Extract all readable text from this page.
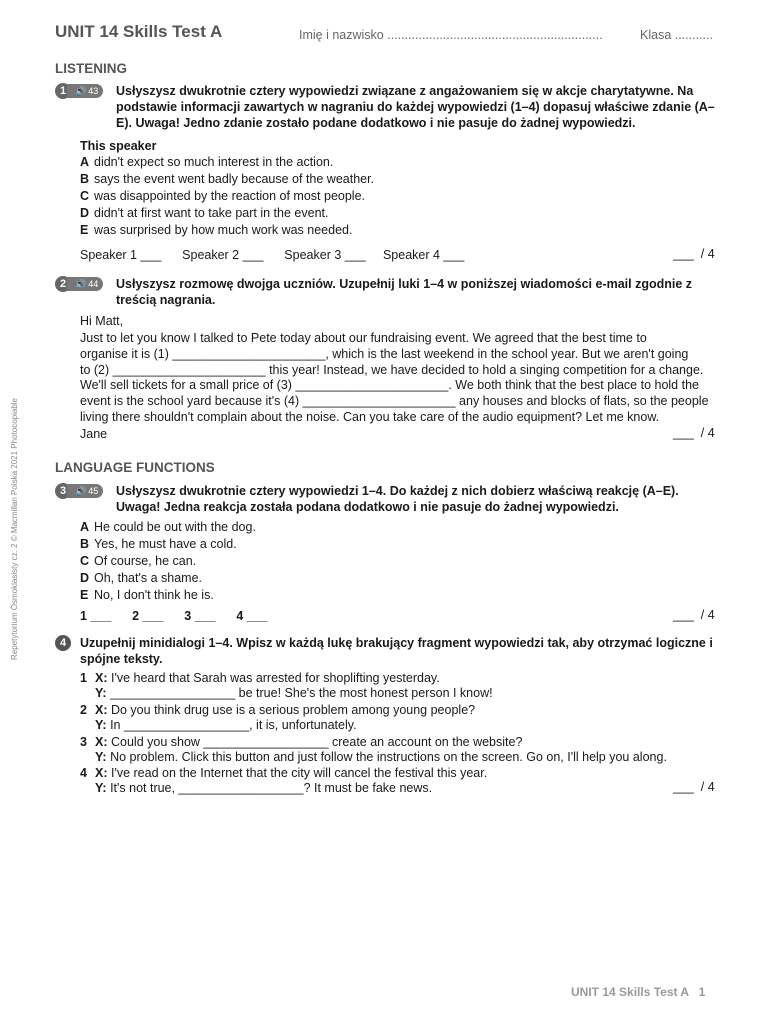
UNIT 14 Skills Test A	Imię i nazwisko ..............................................................	Klasa ...........
Repetytorium Ósmoklasisty cz. 2 © Macmillan Polska 2021 Photocopiable
LISTENING
1 🔊 43 Usłyszysz dwukrotnie cztery wypowiedzi związane z angażowaniem się w akcje charytatywne. Na podstawie informacji zawartych w nagraniu do każdej wypowiedzi (1–4) dopasuj właściwe zdanie (A–E). Uwaga! Jedno zdanie zostało podane dodatkowo i nie pasuje do żadnej wypowiedzi.
This speaker
A didn't expect so much interest in the action.
B says the event went badly because of the weather.
C was disappointed by the reaction of most people.
D didn't at first want to take part in the event.
E was surprised by how much work was needed.
Speaker 1 ___      Speaker 2 ___      Speaker 3 ___     Speaker 4 ___	___  / 4
2 🔊 44 Usłyszysz rozmowę dwojga uczniów. Uzupełnij luki 1–4 w poniższej wiadomości e-mail zgodnie z treścią nagrania.
Hi Matt,
Just to let you know I talked to Pete today about our fundraising event. We agreed that the best time to
organise it is (1) ______________________, which is the last weekend in the school year. But we aren't going
to (2) ______________________ this year! Instead, we have decided to hold a singing competition for a change.
We'll sell tickets for a small price of (3) ______________________. We both think that the best place to hold the
event is the school yard because it's (4) ______________________ any houses and blocks of flats, so the people
living there shouldn't complain about the noise. Can you take care of the audio equipment? Let me know.
Jane	___  / 4
LANGUAGE FUNCTIONS
3 🔊 45 Usłyszysz dwukrotnie cztery wypowiedzi 1–4. Do każdej z nich dobierz właściwą reakcję (A–E). Uwaga! Jedna reakcja została podana dodatkowo i nie pasuje do żadnej wypowiedzi.
A He could be out with the dog.
B Yes, he must have a cold.
C Of course, he can.
D Oh, that's a shame.
E No, I don't think he is.
1 ___      2 ___      3 ___      4 ___	___  / 4
4	Uzupełnij minidialogi 1–4. Wpisz w każdą lukę brakujący fragment wypowiedzi tak, aby otrzymać logiczne i spójne teksty.
1 X: I've heard that Sarah was arrested for shoplifting yesterday.
Y: __________________ be true! She's the most honest person I know!
2 X: Do you think drug use is a serious problem among young people?
Y: In __________________, it is, unfortunately.
3 X: Could you show __________________ create an account on the website?
Y: No problem. Click this button and just follow the instructions on the screen. Go on, I'll help you along.
4 X: I've read on the Internet that the city will cancel the festival this year.
Y: It's not true, __________________? It must be fake news.	___  / 4
UNIT 14 Skills Test A   1
